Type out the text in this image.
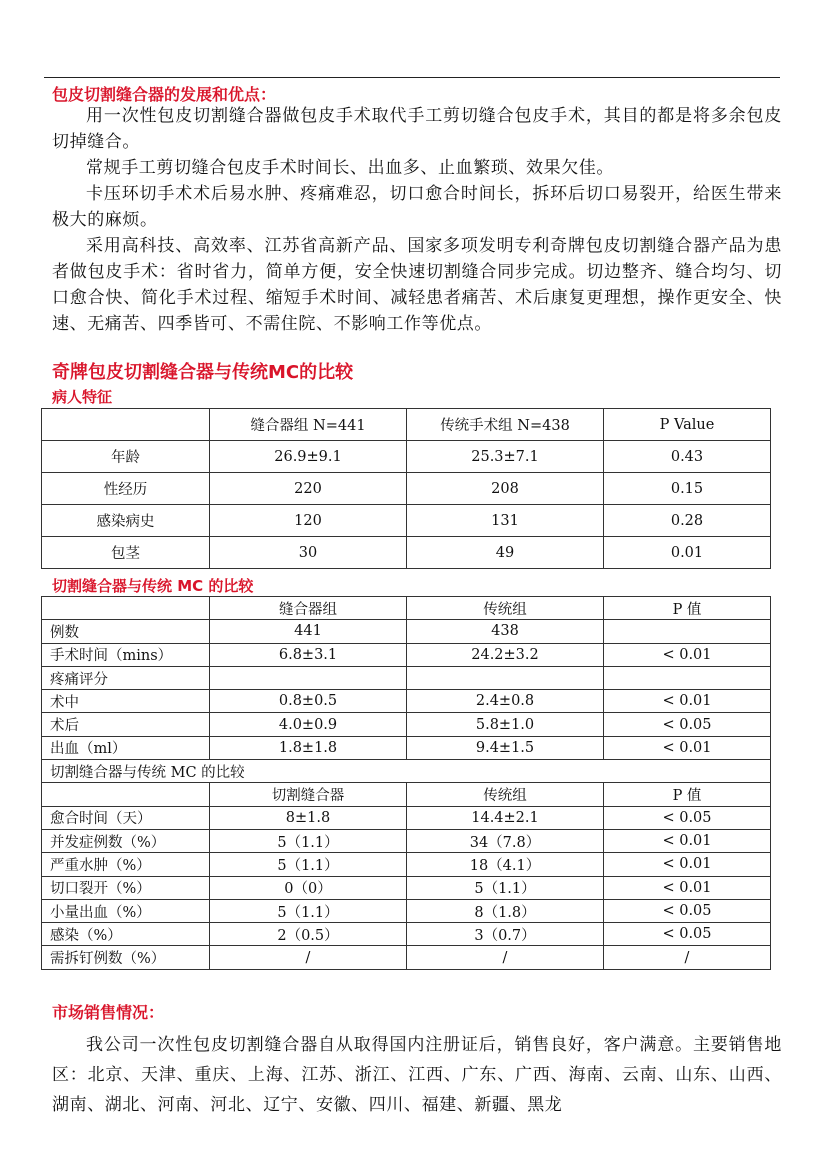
包皮切割缝合器的发展和优点：

用一次性包皮切割缝合器做包皮手术取代手工剪切缝合包皮手术，其目的都是将多余包皮切掉缝合。

常规手工剪切缝合包皮手术时间长、出血多、止血繁琐、效果欠佳。

卡压环切手术术后易水肿、疼痛难忍，切口愈合时间长，拆环后切口易裂开，给医生带来极大的麻烦。

采用高科技、高效率、江苏省高新产品、国家多项发明专利奇牌包皮切割缝合器产品为患者做包皮手术：省时省力，简单方便，安全快速切割缝合同步完成。切边整齐、缝合均匀、切口愈合快、简化手术过程、缩短手术时间、减轻患者痛苦、术后康复更理想，操作更安全、快速、无痛苦、四季皆可、不需住院、不影响工作等优点。

奇牌包皮切割缝合器与传统MC的比较
病人特征
	缝合器组 N=441	传统手术组 N=438	P Value
年龄	26.9±9.1	25.3±7.1	0.43
性经历	220	208	0.15
感染病史	120	131	0.28
包茎	30	49	0.01
切割缝合器与传统 MC 的比较
	缝合器组	传统组	P 值
例数	441	438	
手术时间（mins）	6.8±3.1	24.2±3.2	< 0.01
疼痛评分			
术中	0.8±0.5	2.4±0.8	< 0.01
术后	4.0±0.9	5.8±1.0	< 0.05
出血（ml）	1.8±1.8	9.4±1.5	< 0.01
切割缝合器与传统 MC 的比较			
	切割缝合器	传统组	P 值
愈合时间（天）	8±1.8	14.4±2.1	< 0.05
并发症例数（%）	5（1.1）	34（7.8）	< 0.01
严重水肿（%）	5（1.1）	18（4.1）	< 0.01
切口裂开（%）	0（0）	5（1.1）	< 0.01
小量出血（%）	5（1.1）	8（1.8）	< 0.05
感染（%）	2（0.5）	3（0.7）	< 0.05
需拆钉例数（%）	/	/	/
市场销售情况：

我公司一次性包皮切割缝合器自从取得国内注册证后，销售良好，客户满意。主要销售地区：北京、天津、重庆、上海、江苏、浙江、江西、广东、广西、海南、云南、山东、山西、湖南、湖北、河南、河北、辽宁、安徽、四川、福建、新疆、黑龙
